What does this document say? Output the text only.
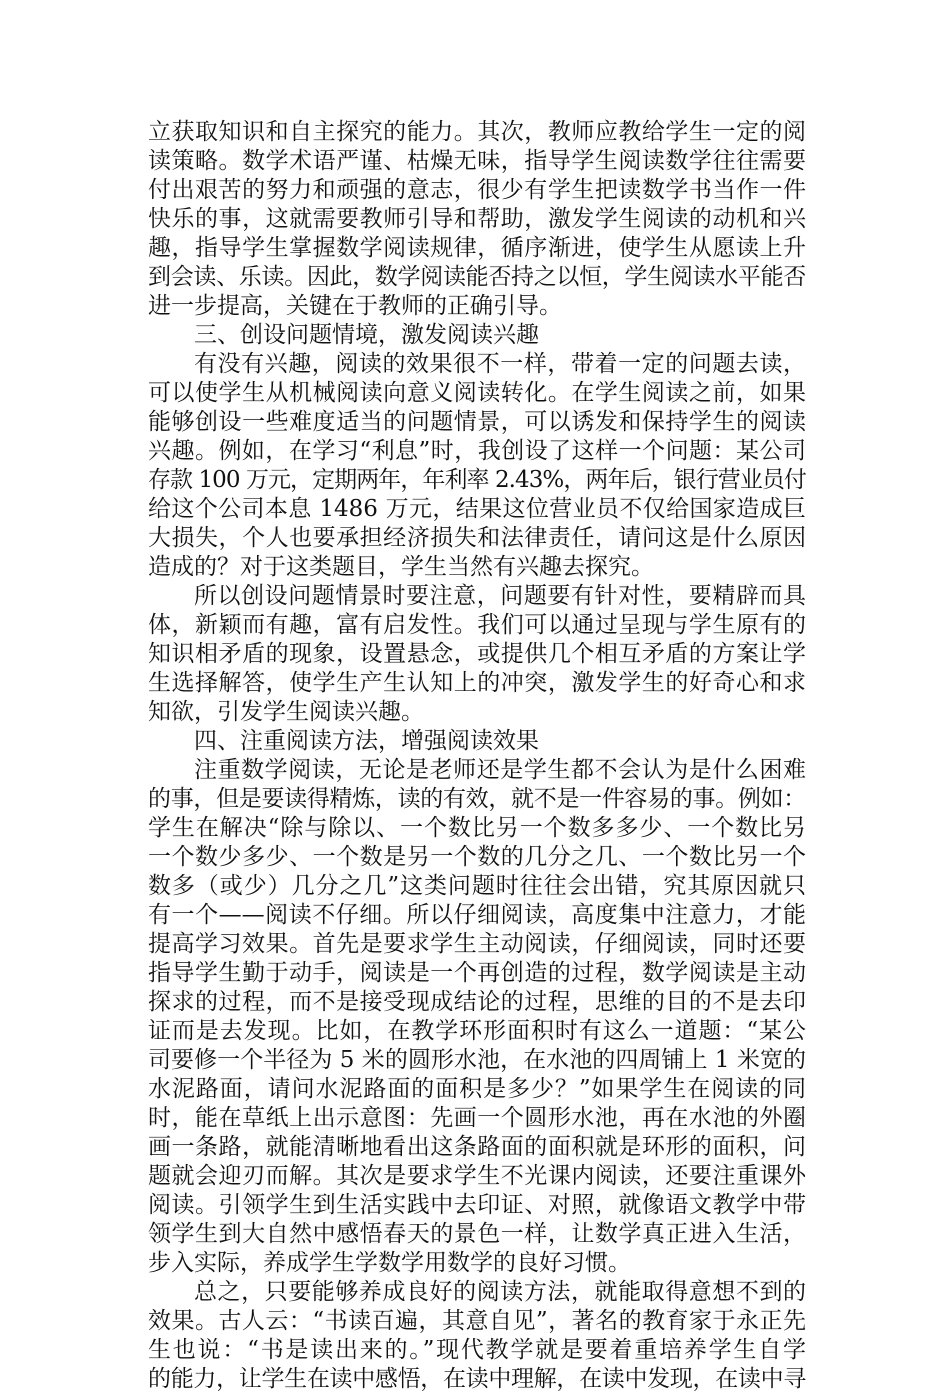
立获取知识和自主探究的能力。其次，教师应教给学生一定的阅
读策略。数学术语严谨、枯燥无味，指导学生阅读数学往往需要
付出艰苦的努力和顽强的意志，很少有学生把读数学书当作一件
快乐的事，这就需要教师引导和帮助，激发学生阅读的动机和兴
趣，指导学生掌握数学阅读规律，循序渐进，使学生从愿读上升
到会读、乐读。因此，数学阅读能否持之以恒，学生阅读水平能否
进一步提高，关键在于教师的正确引导。
三、创设问题情境，激发阅读兴趣
有没有兴趣，阅读的效果很不一样，带着一定的问题去读，
可以使学生从机械阅读向意义阅读转化。在学生阅读之前，如果
能够创设一些难度适当的问题情景，可以诱发和保持学生的阅读
兴趣。例如，在学习“利息”时，我创设了这样一个问题：某公司
存款 100 万元，定期两年，年利率 2.43%，两年后，银行营业员付
给这个公司本息 1486 万元，结果这位营业员不仅给国家造成巨
大损失，个人也要承担经济损失和法律责任，请问这是什么原因
造成的？对于这类题目，学生当然有兴趣去探究。
所以创设问题情景时要注意，问题要有针对性，要精辟而具
体，新颖而有趣，富有启发性。我们可以通过呈现与学生原有的
知识相矛盾的现象，设置悬念，或提供几个相互矛盾的方案让学
生选择解答，使学生产生认知上的冲突，激发学生的好奇心和求
知欲，引发学生阅读兴趣。
四、注重阅读方法，增强阅读效果
注重数学阅读，无论是老师还是学生都不会认为是什么困难
的事，但是要读得精炼，读的有效，就不是一件容易的事。例如：
学生在解决“除与除以、一个数比另一个数多多少、一个数比另
一个数少多少、一个数是另一个数的几分之几、一个数比另一个
数多（或少）几分之几”这类问题时往往会出错，究其原因就只
有一个——阅读不仔细。所以仔细阅读，高度集中注意力，才能
提高学习效果。首先是要求学生主动阅读，仔细阅读，同时还要
指导学生勤于动手，阅读是一个再创造的过程，数学阅读是主动
探求的过程，而不是接受现成结论的过程，思维的目的不是去印
证而是去发现。比如，在教学环形面积时有这么一道题：“某公
司要修一个半径为 5 米的圆形水池，在水池的四周铺上 1 米宽的
水泥路面，请问水泥路面的面积是多少？”如果学生在阅读的同
时，能在草纸上出示意图：先画一个圆形水池，再在水池的外圈
画一条路，就能清晰地看出这条路面的面积就是环形的面积，问
题就会迎刃而解。其次是要求学生不光课内阅读，还要注重课外
阅读。引领学生到生活实践中去印证、对照，就像语文教学中带
领学生到大自然中感悟春天的景色一样，让数学真正进入生活，
步入实际，养成学生学数学用数学的良好习惯。
总之，只要能够养成良好的阅读方法，就能取得意想不到的
效果。古人云：“书读百遍，其意自见”，著名的教育家于永正先
生也说：“书是读出来的。”现代教学就是要着重培养学生自学
的能力，让学生在读中感悟，在读中理解，在读中发现，在读中寻
